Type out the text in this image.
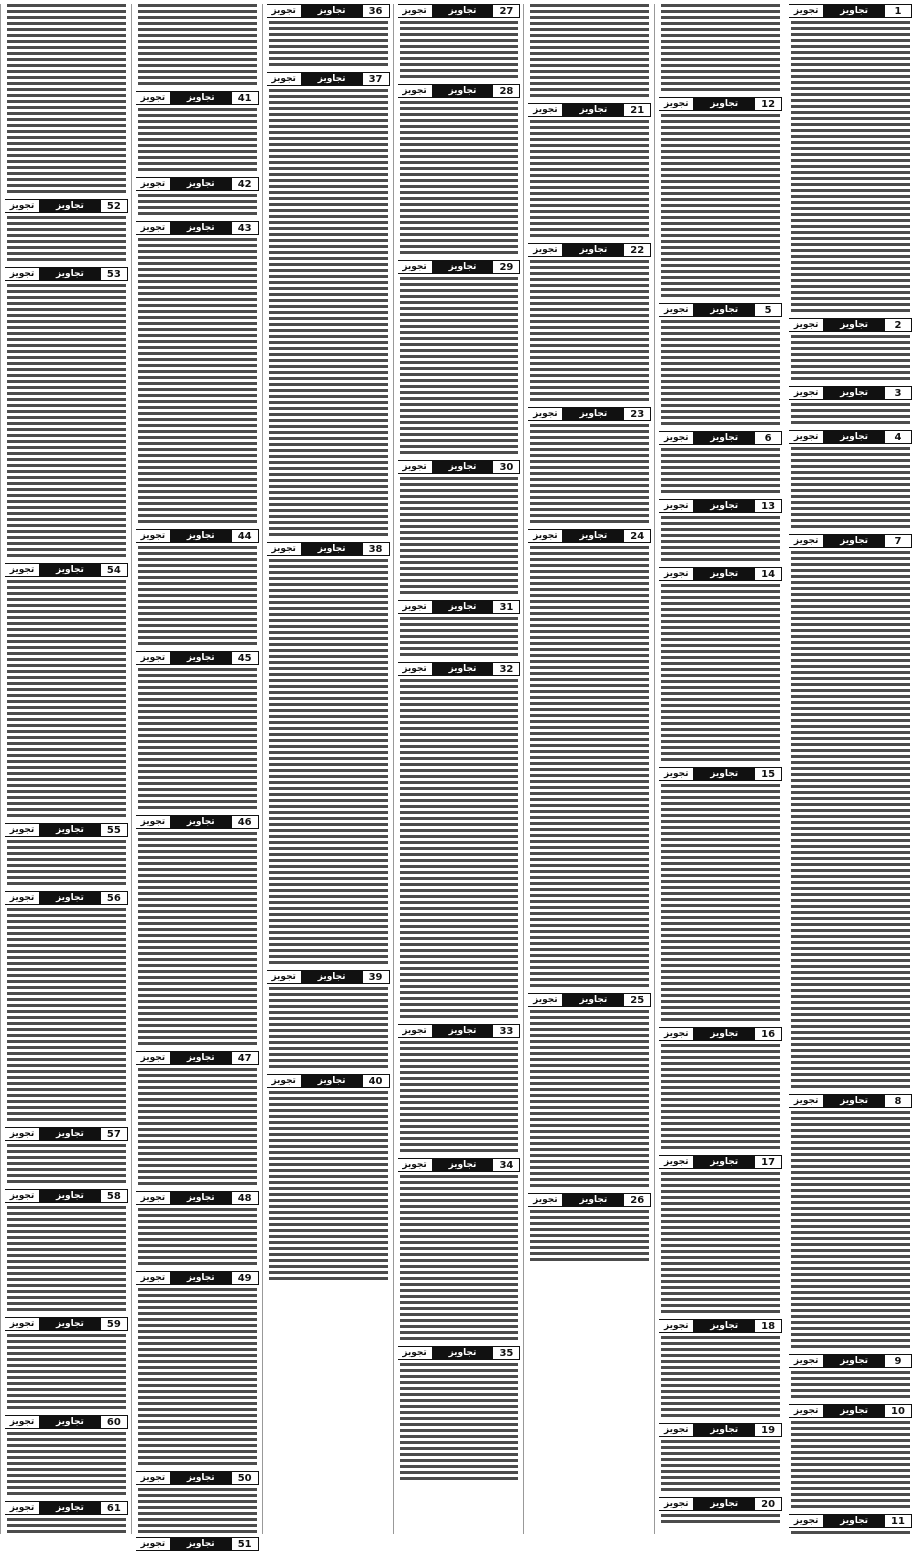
تجویز	تجاویز	1
تجویز	تجاویز	2
تجویز	تجاویز	3
تجویز	تجاویز	4
تجویز	تجاویز	7
تجویز	تجاویز	8
تجویز	تجاویز	9
تجویز	تجاویز	10
تجویز	تجاویز	11
تجویز	تجاویز	12
تجویز	تجاویز	5
تجویز	تجاویز	6
تجویز	تجاویز	13
تجویز	تجاویز	14
تجویز	تجاویز	15
تجویز	تجاویز	16
تجویز	تجاویز	17
تجویز	تجاویز	18
تجویز	تجاویز	19
تجویز	تجاویز	20
تجویز	تجاویز	21
تجویز	تجاویز	22
تجویز	تجاویز	23
تجویز	تجاویز	24
تجویز	تجاویز	25
تجویز	تجاویز	26
تجویز	تجاویز	27
تجویز	تجاویز	28
تجویز	تجاویز	29
تجویز	تجاویز	30
تجویز	تجاویز	31
تجویز	تجاویز	32
تجویز	تجاویز	33
تجویز	تجاویز	34
تجویز	تجاویز	35
تجویز	تجاویز	36
تجویز	تجاویز	37
تجویز	تجاویز	38
تجویز	تجاویز	39
تجویز	تجاویز	40
تجویز	تجاویز	41
تجویز	تجاویز	42
تجویز	تجاویز	43
تجویز	تجاویز	44
تجویز	تجاویز	45
تجویز	تجاویز	46
تجویز	تجاویز	47
تجویز	تجاویز	48
تجویز	تجاویز	49
تجویز	تجاویز	50
تجویز	تجاویز	51
تجویز	تجاویز	52
تجویز	تجاویز	53
تجویز	تجاویز	54
تجویز	تجاویز	55
تجویز	تجاویز	56
تجویز	تجاویز	57
تجویز	تجاویز	58
تجویز	تجاویز	59
تجویز	تجاویز	60
تجویز	تجاویز	61
